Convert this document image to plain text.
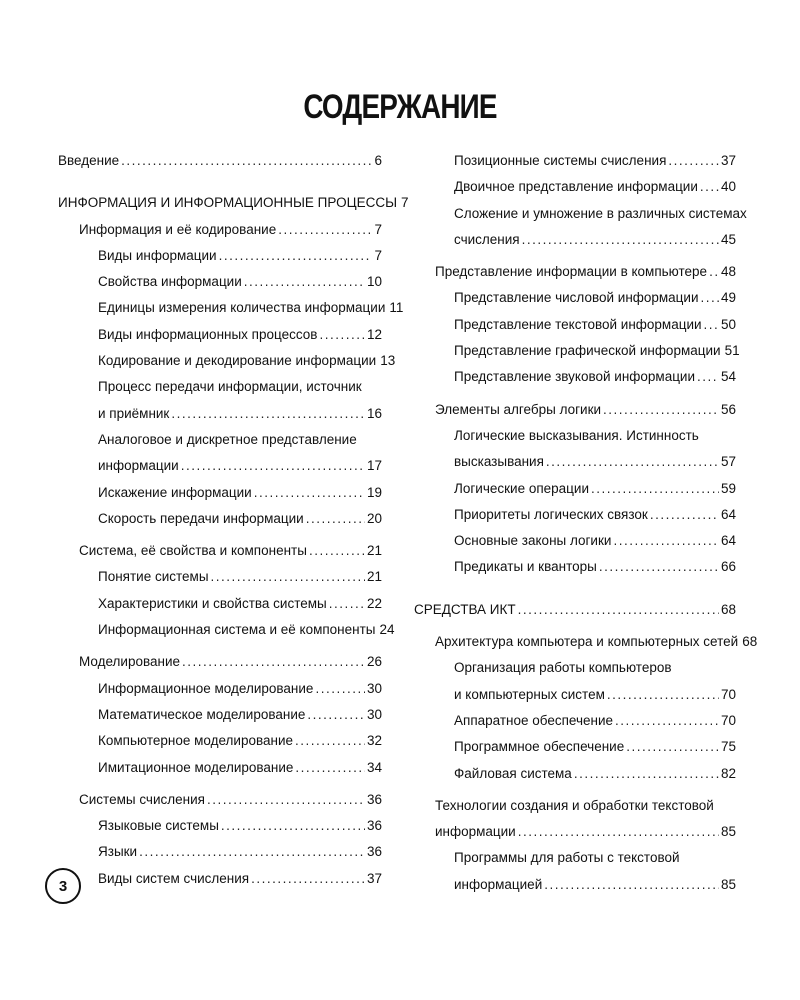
СОДЕРЖАНИЕ
Введение .....	6
ИНФОРМАЦИЯ И ИНФОРМАЦИОННЫЕ ПРОЦЕССЫ 7
Информация и её кодирование .....	7
Виды информации .....	7
Свойства информации .....	10
Единицы измерения количества информации 11
Виды информационных процессов .....	12
Кодирование и декодирование информации 13
Процесс передачи информации, источник
и приёмник .....	16
Аналоговое и дискретное представление
информации .....	17
Искажение информации .....	19
Скорость передачи информации .....	20
Система, её свойства и компоненты .....	21
Понятие системы .....	21
Характеристики и свойства системы .....	22
Информационная система и её компоненты 24
Моделирование .....	26
Информационное моделирование .....	30
Математическое моделирование .....	30
Компьютерное моделирование .....	32
Имитационное моделирование .....	34
Системы счисления .....	36
Языковые системы .....	36
Языки .....	36
Виды систем счисления .....	37
Позиционные системы счисления .....	37
Двоичное представление информации ..... 40
Сложение и умножение в различных системах
счисления .....	45
Представление информации в компьютере ..... 48
Представление числовой информации ..... 49
Представление текстовой информации ..... 50
Представление графической информации 51
Представление звуковой информации ..... 54
Элементы алгебры логики .....	56
Логические высказывания. Истинность
высказывания .....	57
Логические операции .....	59
Приоритеты логических связок .....	64
Основные законы логики .....	64
Предикаты и кванторы .....	66
СРЕДСТВА ИКТ .....	68
Архитектура компьютера и компьютерных сетей 68
Организация работы компьютеров
и компьютерных систем .....	70
Аппаратное обеспечение .....	70
Программное обеспечение .....	75
Файловая система .....	82
Технологии создания и обработки текстовой
информации .....	85
Программы для работы с текстовой
информацией .....	85
3
